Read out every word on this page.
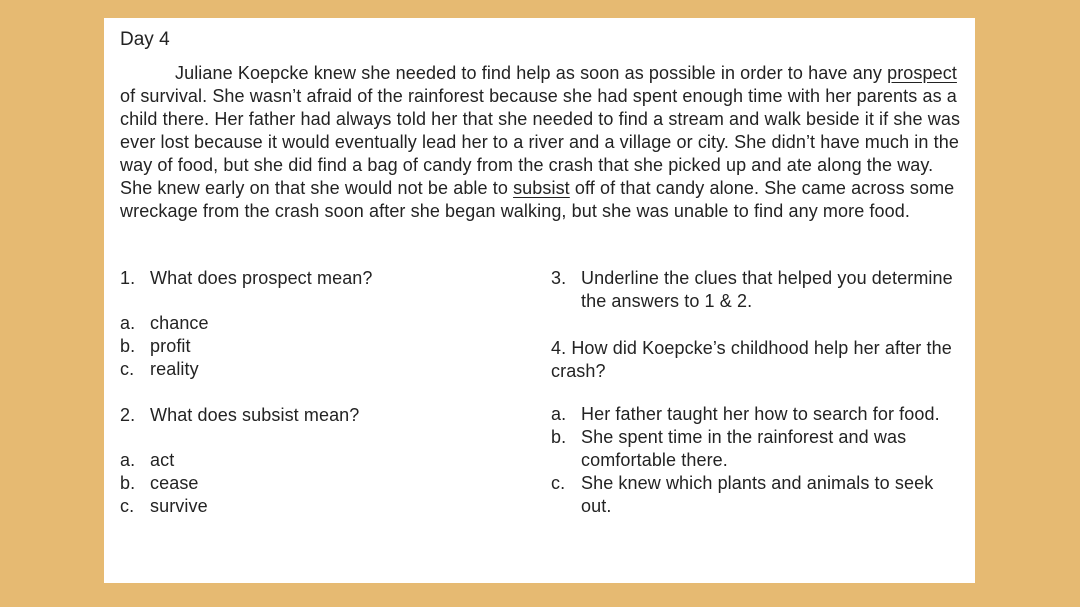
Day 4

Juliane Koepcke knew she needed to find help as soon as possible in order to have any prospect of survival. She wasn’t afraid of the rainforest because she had spent enough time with her parents as a child there. Her father had always told her that she needed to find a stream and walk beside it if she was ever lost because it would eventually lead her to a river and a village or city. She didn’t have much in the way of food, but she did find a bag of candy from the crash that she picked up and ate along the way. She knew early on that she would not be able to subsist off of that candy alone. She came across some wreckage from the crash soon after she began walking, but she was unable to find any more food.

1. What does prospect mean?
a. chance
b. profit
c. reality
2. What does subsist mean?
a. act
b. cease
c. survive
3. Underline the clues that helped you determine the answers to 1 & 2.
4. How did Koepcke’s childhood help her after the crash?
a. Her father taught her how to search for food.
b. She spent time in the rainforest and was comfortable there.
c. She knew which plants and animals to seek out.
